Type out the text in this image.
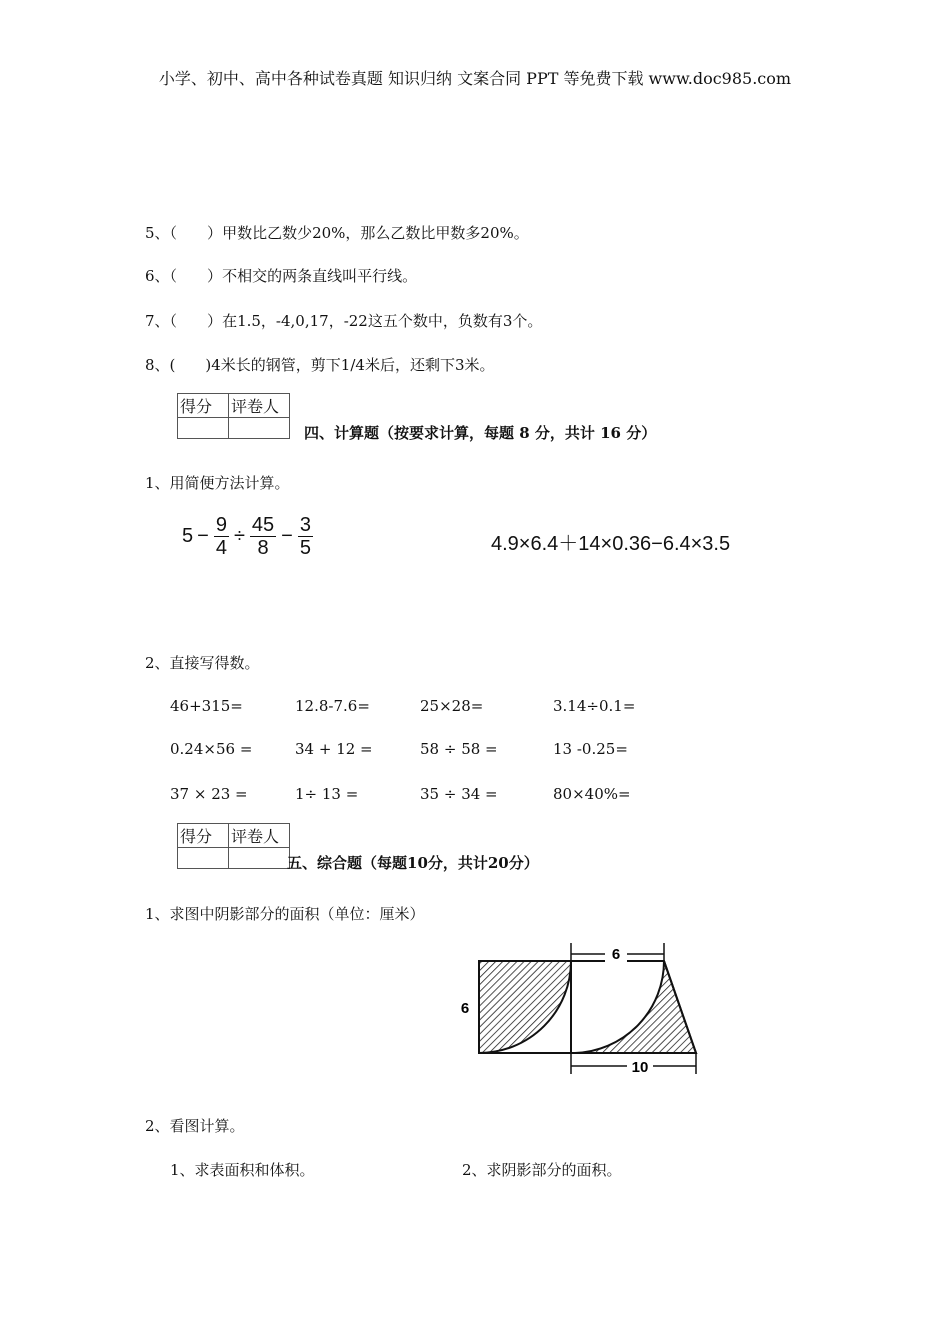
小学、初中、高中各种试卷真题 知识归纳 文案合同 PPT 等免费下载 www.doc985.com
5、（　　）甲数比乙数少20%，那么乙数比甲数多20%。
6、（　　）不相交的两条直线叫平行线。
7、（　　）在1.5，-4,0,17，-22这五个数中，负数有3个。
8、(　　)4米长的钢管，剪下1/4米后，还剩下3米。
得分	评卷人

四、计算题（按要求计算，每题 8 分，共计 16 分）
1、用简便方法计算。
$5 - \frac{9}{4} \div \frac{45}{8} - \frac{3}{5}$	4.9×6.4＋14×0.36−6.4×3.5
2、直接写得数。
46+315=	12.8-7.6=	25×28=	3.14÷0.1=
0.24×56 =	34 + 12 =	58 ÷ 58 =	13 -0.25=
37 × 23 =	1÷ 13 =	35 ÷ 34 =	80×40%=
得分	评卷人

五、综合题（每题10分，共计20分）
1、求图中阴影部分的面积（单位：厘米）
6
6
10
2、看图计算。
1、求表面积和体积。	2、求阴影部分的面积。
